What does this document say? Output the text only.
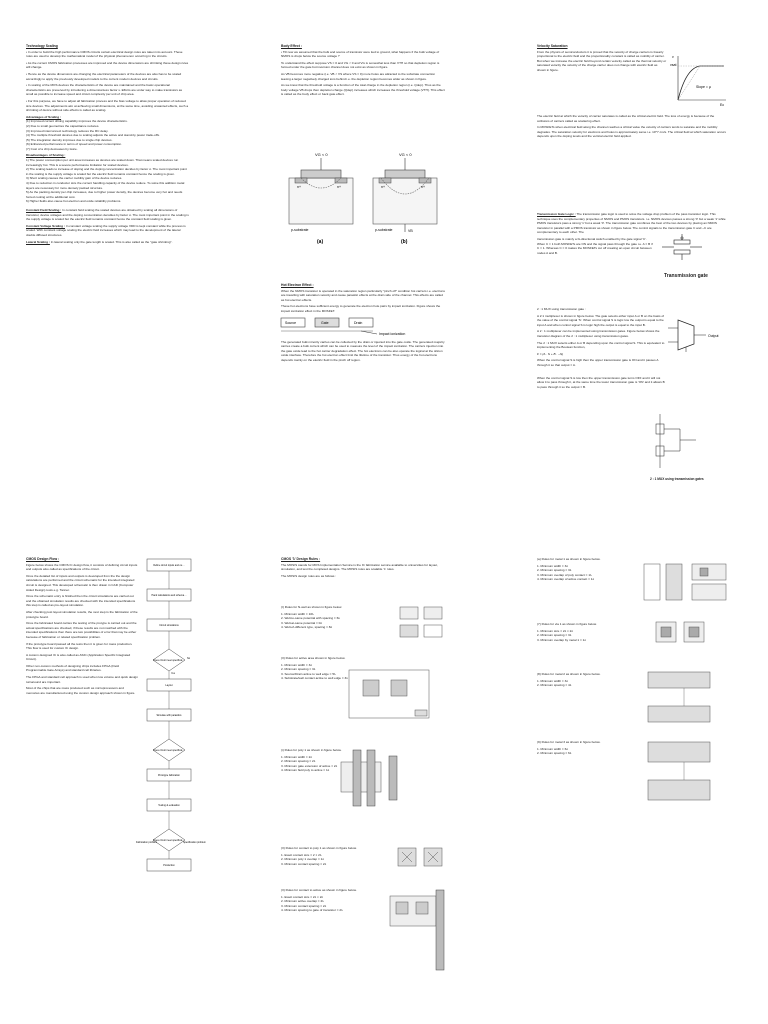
Technology Scaling

• In order to build the high performance CMOS circuits certain electrical design rules are taken into account. These rules are used to develop the mathematical model of the physical phenomenon occurring in the circuits.

• As the current CMOS fabrication processes are improved and the device dimensions are shrinking these design rules will change.

• Hence as the device dimensions are changing the electrical parameters of the devices are also has to be scaled accordingly to apply the previously developed models to the current modern devices and circuits.

• In scaling of the MOS devices the characteristics of the device are maintained and the basic operational characteristics are preserved by introducing a dimensionless factor s. Efforts are under way to make transistors as small as possible to increase speed and circuit complexity per unit of chip area.

• For this purpose, we have to adjust all fabrication process and the bias voltage to allow proper operation of reduced size devices. The adjustments aim at achieving small dimensions, at the same time, avoiding unwanted effects, such a shrinking of device without side effects is called as scaling.

Advantages of Scaling :
(1) Improved current driving capability improves the device characteristics.
(2) Due to small geometries the capacitance reduces.
(3) Improved interconnect technology reduces the RC delay.
(4) The multiple threshold devices due to scaling adjusts the active and stand-by power trade-offs.
(5) The integration density improves due to single chip devices.
(6) Enhanced performance in terms of speed and power consumption.
(7) Cost of a chip decreases by twice.
Disadvantages of Scaling :
1) The power consumption per unit area increases as devices are scaled down. That means scaled devices run increasingly hot. This is a severe performance limitation for scaled devices.
2) The scaling leads to increase of doping and the doping concentration decides by factor α. The most important point in the scaling is the supply voltage is scaled but the electric field remains constant hence the scaling is given.
3) Short scaling causes the carrier mobility gain of the device reduces.
4) Due to reduction in conductor size the current handling capacity of the device reduce. To solve this addition metal layers are necessary for more densely packed structure.
5) As the packing density per chip increases, due to higher power density, the devices become very hot and needs forced cooling at the additional cost.
6) Higher fields also cause hot electron and oxide reliability problems.

Constant Field Scaling : In constant field scaling the scaled devices are obtained by scaling all dimensions of transistor, device voltages and the doping concentration densities by factor α. The most important point in the scaling is the supply voltage is scaled but the electric field remains constant hence the constant field scaling is given.

Constant Voltage Scaling : In constant voltage scaling the supply voltage VDD is kept constant while the process is scaled. With constant voltage scaling the electric field increases which may lead to the development of the lateral double diffused structures.

Lateral Scaling : In lateral scaling only the gate length is scaled. This is also called as the "gate shrinking".

Body Effect :

• Till now we assumed that the bulk and source of transistor were tied to ground, what happens if the bulk voltage of NMOS is drops below the source voltage ?

To understand the effect suppose VS = 0 and VG < 0 and VG is somewhat less than VTH so that depletion region is formed under the gate but inversion channel does not exist as shown in figure.

As VB becomes more negative (i.e. VB < VS where VS = 0) more holes are attracted to the substrate connection leaving a larger negatively charged ions behind i.e. the depletion region becomes wider as shown in figure.

As we know that the threshold voltage is a function of the total charge in the depletion region (i.e. Qdep). Thus as the body voltage VB drops then depletion charge (Qdep) increases which increases the threshold voltage (VTH). This effect is called as the body effect or back gate effect.

VG < 0
n+	n+
p-substrate
(a)
VG < 0
n+	n+
VB
p-substrate
(b)
Hot Electron Effect :

When the NMOS transistor is operated in the saturation region particularly "pinch off" condition hot carriers i.e. electrons are travelling with saturation velocity and cause parasitic effects at the drain side of the channel. This effects are called as hot electron effects.

These hot electrons have sufficient energy to generate the electron hole pairs by impact ionization. Figure shows the impact ionization effect in the MOSFET.

Source	Gate	Drain
Impact ionization

The generated bulk minority carries can be collected by the drain or injected into the gate oxide. The generated majority carries create a bulk current which can be used to measure the level of the impact ionization. The carriers injection into the gate oxide lead to the hot carrier degradation effect. The hot electrons can be also operate the logical at the silicon oxide interface. Therefore the hot electron effect limit the lifetime of the transistor. Thus energy of the hot electrons depends mainly on the electric field in the pinch off region.

Velocity Saturation

From the physics of semiconductors it is proved that the velocity of charge carriers is linearly proportional to the electric field and the proportionality constant is called as mobility of carrier. But when we increase the electric field beyond certain velocity called as the thermal velocity or saturated velocity the velocity of the charge carrier does not change with electric field as shown in figure.

vsat
v
Slope = μ
Ec

The electric field at which the velocity of carrier saturates is called as the critical electric field. The loss of energy is because of the collisions of carriers called as scattering effect.

In MOSFETs when electrical field along the channel reaches a critical value the velocity of carriers tends to saturate and the mobility degrades. The saturation velocity for electrons and holes is approximately same i.e. 10^7 cm/s. The critical field at which saturation occurs depends upon the doping levels and the vertical electric field applied.

Transmission Gate Logic : The transmission gate logic is used to solve the voltage drop problem of the pass transistor logic. This technique uses the complementary properties of NMOS and PMOS transistors. i.e. NMOS devices passes a strong '0' but a weak '1' while PMOS transistors pass a strong '1' but a weak '0'. The transmission gate combines the best of the two devices by placing an NMOS transistor in parallel with a PMOS transistor as shown in figure below. The control signals to the transmission gate C and ~C are complementary to each other. The

transmission gate is mainly a bi-directional switch enabled by the gate signal 'C'. When C = 1 both MOSFETs are ON and the signal pass through the gate i.e. A = B if C = 1. Whereas C = 0 makes the MOSFETs cut off creating an open circuit between nodes A and B.

Transmission gate

2 : 1 MUX using transmission gate :

A 2:1 multiplexer is shown in figure below. The gate selects either input A or B on the basis of the value of the control signal 'S'. When control signal S is logic low the output is equal to the input A and when control signal S is logic high the output is equal to the input B.

A 2 : 1 multiplexer can be implemented using transmission gates. Figure below shows the transistor diagram of the 2 : 1 multiplexer using transmission gates.

The 2 : 1 MUX selects either A or B depending upon the control signal S. This is equivalent to implementing the Boolean function,

F = (A . S + B . ~S)

When the control signal S is high then the upper transmission gate is ON and it passes A through it so that output = A.

When the control signal S is low then the upper transmission gate turns OFF and it will not allow it to pass through it, at the same time the lower transmission gate is 'ON' and it allows B to pass through it so the output = B.

Output
2 : 1 MUX using transmission gates
CMOS Design Flow :

Figure below shows the CMOS IC design flow, it consists of defining circuit inputs and outputs also called as specifications of the circuit.

Once the detailed list of inputs and outputs is developed from the the design calculations are performed and the circuit schematic for the intended integrated circuit is designed. This developed schematic is then drawn in CAD (Computer Aided Design) tools e.g. Tanner.

Once the schematic entry is finished then the circuit simulations are carried out and the obtained simulation results are checked with the intended specifications this step is called as pre-layout simulation.

After checking post layout simulation results, the next step is the fabrication of the prototype board.

Once the fabricated board carries the testing of the protype is carried out and the actual specifications are checked, if these results are not matched with the intended specifications then there are two possibilities of error that may be either because of fabrication or related specification problem.

If the prototype board passed all the tests then it is given for mass production. This flow is used for custom IC design.

A custom designed IC is also called as ASIC (Application Specific Integrated Circuit).

Other non-custom methods of designing chips includes FPGA (Field Programmable Gate Arrays) and standard cell libraries.

The FPGA and standard cell approach is used when low volume and quick design turnaround are important.

Most of the chips that are mass produced such as microprocessors and memories are manufactured using the custom design approach shown in figure.

Define circuit inputs and ou…
Hand calculations and schema…
Circuit simulations
Does circuit meet specificat…
Layout
Simulate with parasitics
Does circuit meet specificat…
Prototype fabrication
Testing & evaluation
Does circuit meet specificat…
Production
Yes
No
Fabrication problem	Specification problem
CMOS 'λ' Design Rules :

The MOSIS stands for MOS Implementation Service is the IC fabrication service available to universities for layout, simulation, and test the completed designs. The MOSIS rules are scalable 'λ' rules.

The MOSIS design rules are as follows :

(I) Rules for N-well as shown in figure below.

1. Minimum width = 10λ
2. Well-to-same potential with spacing = 6λ
3. Well-at-same potential = 0λ
4. Well-of-different type, spacing = 8λ

(II) Rules for active area shown in figure below.

1. Minimum width = 3λ
2. Minimum spacing = 3λ
3. Source/Drain active to well edge = 5λ
4. Substrate/well contact active to well edge = 3λ

(i) Rules for poly 1 as shown in figure below.

1. Minimum width = 2λ
2. Minimum spacing = 2λ
3. Minimum gate extension of active = 2λ
4. Minimum field poly to active = 1λ

(II) Rules for contact to poly 1 as shown in figure below.

1. Exact contact size = 2 × 2λ
2. Minimum poly 1 overlap = 1λ
3. Minimum contact spacing = 2λ

(II) Rules for contact to active as shown in figure below.

1. Exact contact size = 2λ × 2λ
2. Minimum active overlap = 2λ
3. Minimum contact spacing = 2λ
4. Minimum spacing to gate of transistor = 2λ

(a) Rules for metal 1 as shown in figure below.

1. Minimum width = 3λ
2. Minimum spacing = 3λ
3. Minimum overlap of poly contact = 1λ
4. Minimum overlap of active contact = 1λ

(7) Rules for via 1 as shown in figure below.

1. Minimum size = 2λ × 2λ
2. Minimum spacing = 3λ
3. Minimum overlap by metal 1 = 1λ

(8) Rules for metal 2 as shown in figure below.

1. Minimum width = 3λ
2. Minimum spacing = 4λ

(9) Rules for metal 3 as shown in figure below.

1. Minimum width = 6λ
2. Minimum spacing = 6λ
